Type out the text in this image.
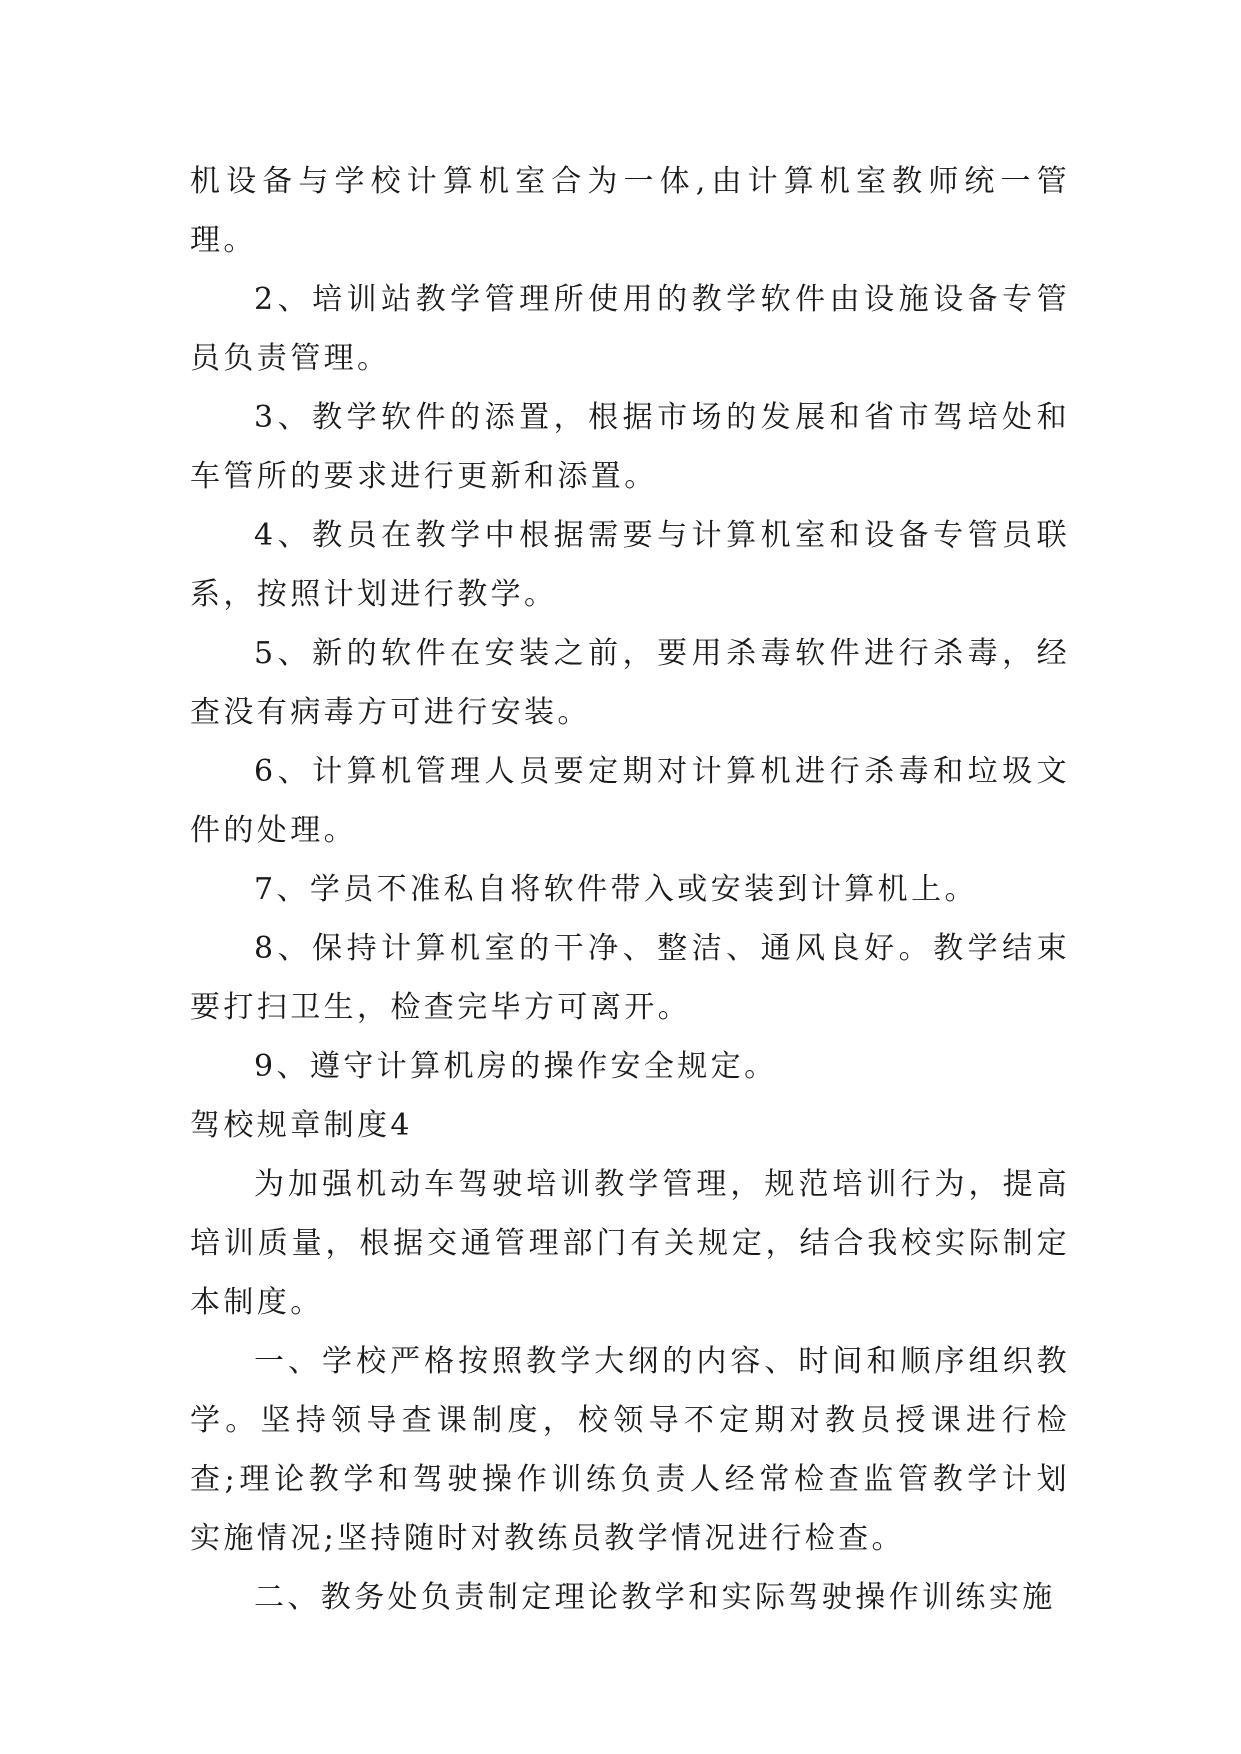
机设备与学校计算机室合为一体,由计算机室教师统一管理。

2、培训站教学管理所使用的教学软件由设施设备专管员负责管理。

3、教学软件的添置，根据市场的发展和省市驾培处和车管所的要求进行更新和添置。

4、教员在教学中根据需要与计算机室和设备专管员联系，按照计划进行教学。

5、新的软件在安装之前，要用杀毒软件进行杀毒，经查没有病毒方可进行安装。

6、计算机管理人员要定期对计算机进行杀毒和垃圾文件的处理。

7、学员不准私自将软件带入或安装到计算机上。

8、保持计算机室的干净、整洁、通风良好。教学结束要打扫卫生，检查完毕方可离开。

9、遵守计算机房的操作安全规定。

驾校规章制度4

为加强机动车驾驶培训教学管理，规范培训行为，提高培训质量，根据交通管理部门有关规定，结合我校实际制定本制度。

一、学校严格按照教学大纲的内容、时间和顺序组织教学。坚持领导查课制度，校领导不定期对教员授课进行检查;理论教学和驾驶操作训练负责人经常检查监管教学计划实施情况;坚持随时对教练员教学情况进行检查。

二、教务处负责制定理论教学和实际驾驶操作训练实施
